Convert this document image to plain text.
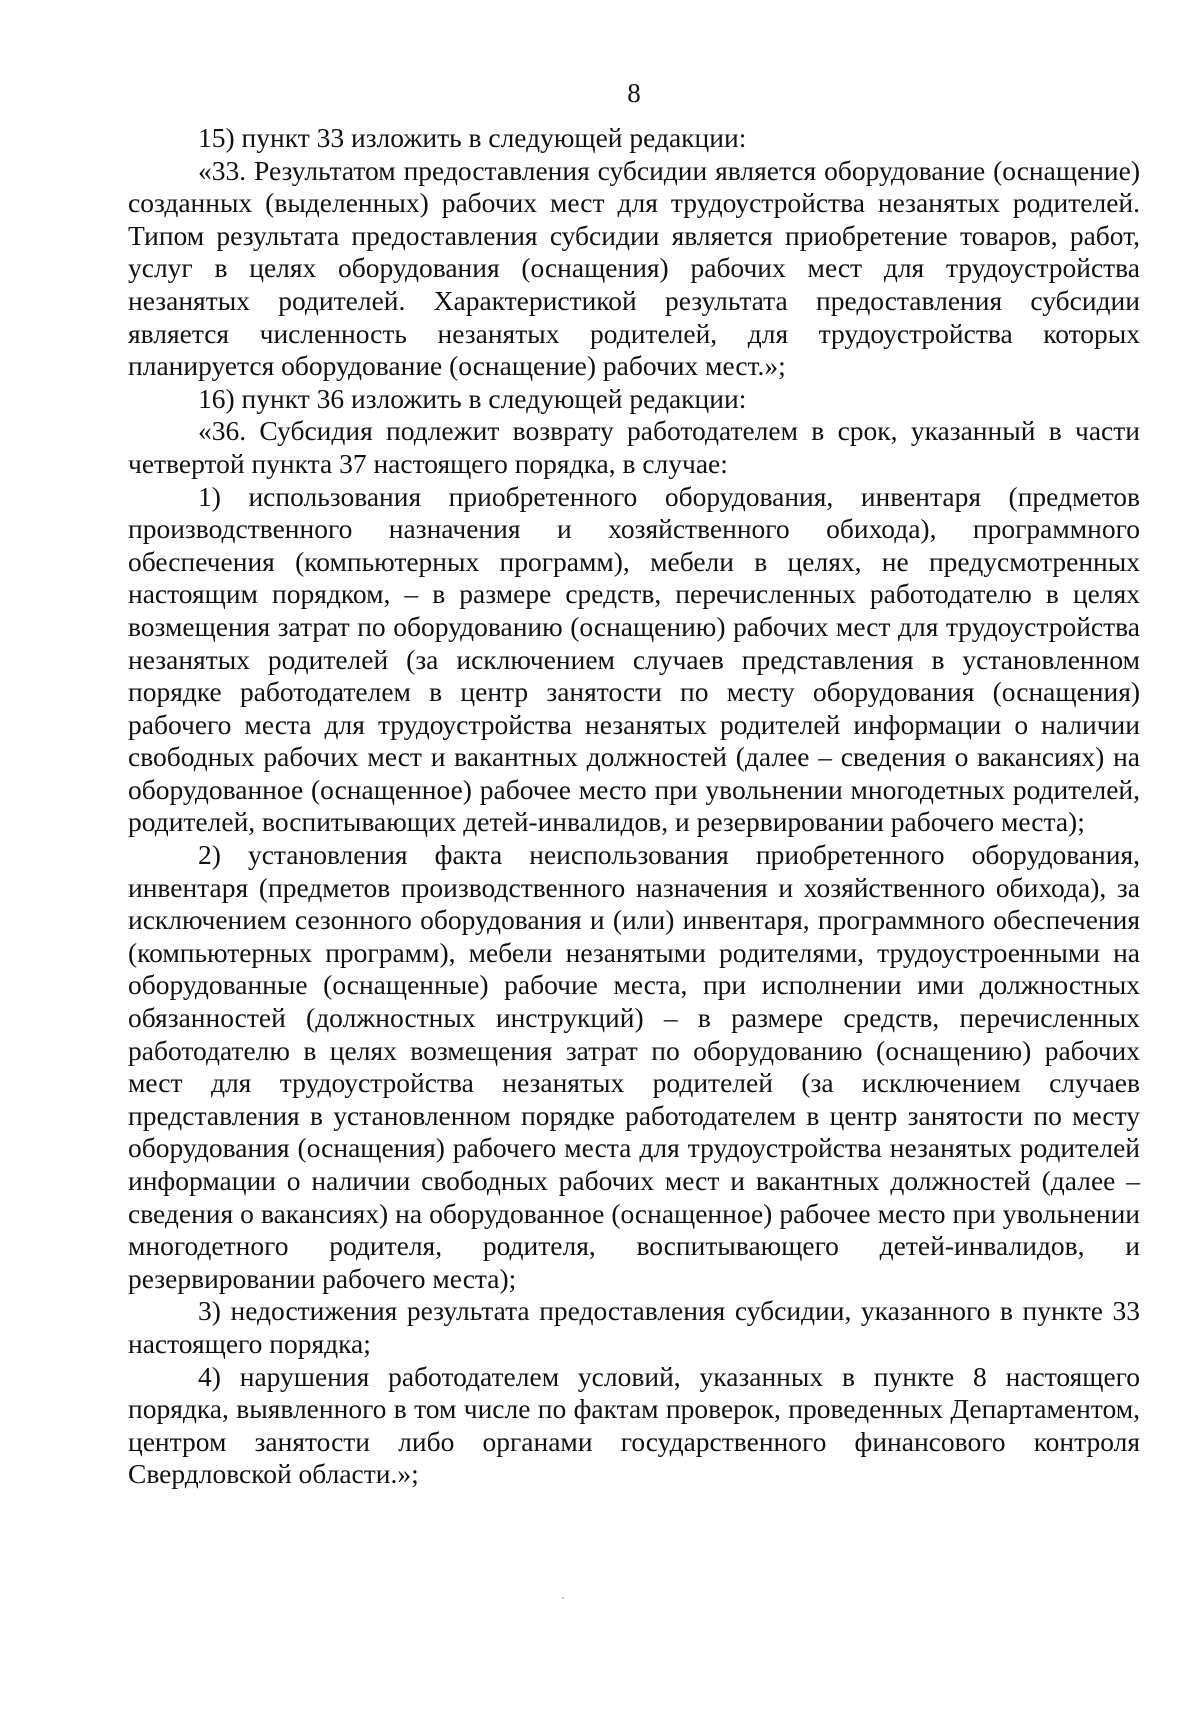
8

15) пункт 33 изложить в следующей редакции:

«33. Результатом предоставления субсидии является оборудование (оснащение) созданных (выделенных) рабочих мест для трудоустройства незанятых родителей. Типом результата предоставления субсидии является приобретение товаров, работ, услуг в целях оборудования (оснащения) рабочих мест для трудоустройства незанятых родителей. Характеристикой результата предоставления субсидии является численность незанятых родителей, для трудоустройства которых планируется оборудование (оснащение) рабочих мест.»;

16) пункт 36 изложить в следующей редакции:

«36. Субсидия подлежит возврату работодателем в срок, указанный в части четвертой пункта 37 настоящего порядка, в случае:

1) использования приобретенного оборудования, инвентаря (предметов производственного назначения и хозяйственного обихода), программного обеспечения (компьютерных программ), мебели в целях, не предусмотренных настоящим порядком, – в размере средств, перечисленных работодателю в целях возмещения затрат по оборудованию (оснащению) рабочих мест для трудоустройства незанятых родителей (за исключением случаев представления в установленном порядке работодателем в центр занятости по месту оборудования (оснащения) рабочего места для трудоустройства незанятых родителей информации о наличии свободных рабочих мест и вакантных должностей (далее – сведения о вакансиях) на оборудованное (оснащенное) рабочее место при увольнении многодетных родителей, родителей, воспитывающих детей-инвалидов, и резервировании рабочего места);

2) установления факта неиспользования приобретенного оборудования, инвентаря (предметов производственного назначения и хозяйственного обихода), за исключением сезонного оборудования и (или) инвентаря, программного обеспечения (компьютерных программ), мебели незанятыми родителями, трудоустроенными на оборудованные (оснащенные) рабочие места, при исполнении ими должностных обязанностей (должностных инструкций) – в размере средств, перечисленных работодателю в целях возмещения затрат по оборудованию (оснащению) рабочих мест для трудоустройства незанятых родителей (за исключением случаев представления в установленном порядке работодателем в центр занятости по месту оборудования (оснащения) рабочего места для трудоустройства незанятых родителей информации о наличии свободных рабочих мест и вакантных должностей (далее – сведения о вакансиях) на оборудованное (оснащенное) рабочее место при увольнении многодетного родителя, родителя, воспитывающего детей-инвалидов, и резервировании рабочего места);

3) недостижения результата предоставления субсидии, указанного в пункте 33 настоящего порядка;

4) нарушения работодателем условий, указанных в пункте 8 настоящего порядка, выявленного в том числе по фактам проверок, проведенных Департаментом, центром занятости либо органами государственного финансового контроля Свердловской области.»;
